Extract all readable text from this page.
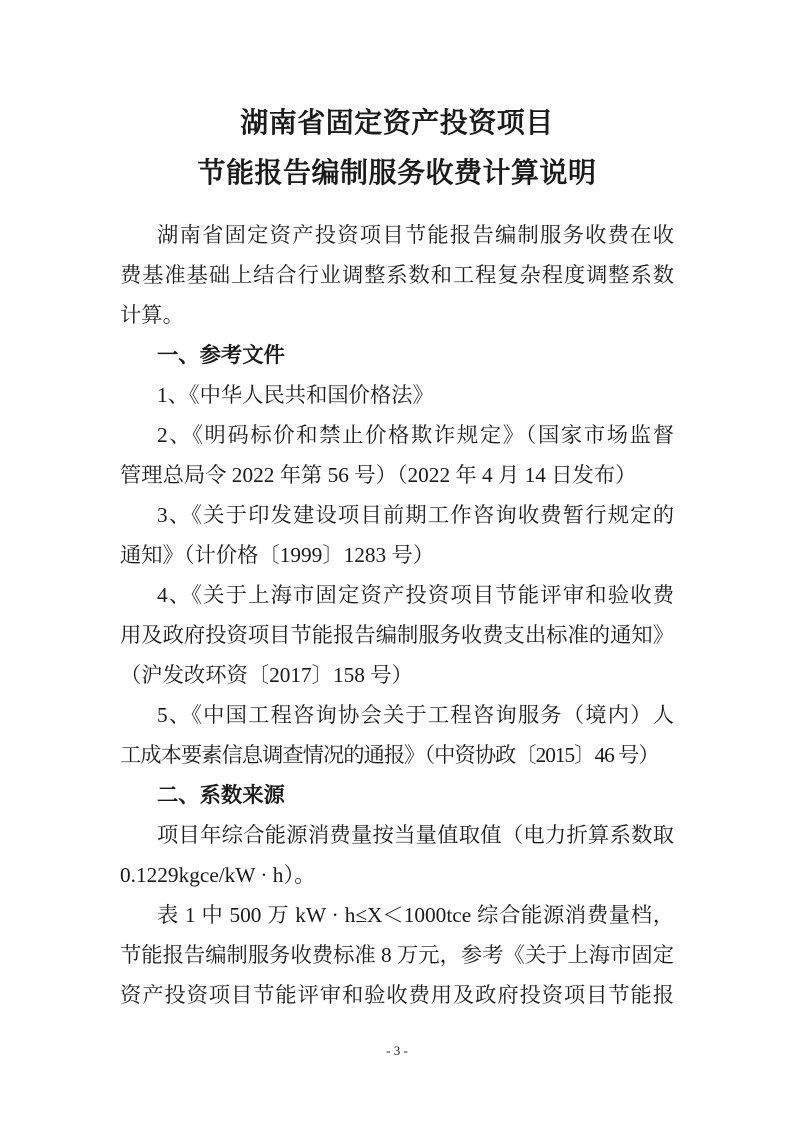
湖南省固定资产投资项目
节能报告编制服务收费计算说明
湖南省固定资产投资项目节能报告编制服务收费在收
费基准基础上结合行业调整系数和工程复杂程度调整系数
计算。
一、参考文件
1、《中华人民共和国价格法》
2、《明码标价和禁止价格欺诈规定》（国家市场监督
管理总局令 2022 年第 56 号）（2022 年 4 月 14 日发布）
3、《关于印发建设项目前期工作咨询收费暂行规定的
通知》（计价格〔1999〕1283 号）
4、《关于上海市固定资产投资项目节能评审和验收费
用及政府投资项目节能报告编制服务收费支出标准的通知》
（沪发改环资〔2017〕158 号）
5、《中国工程咨询协会关于工程咨询服务（境内）人
工成本要素信息调查情况的通报》（中资协政〔2015〕46 号）
二、系数来源
项目年综合能源消费量按当量值取值（电力折算系数取
0.1229kgce/kW · h）。
表 1 中 500 万 kW · h≤X＜1000tce 综合能源消费量档，
节能报告编制服务收费标准 8 万元，参考《关于上海市固定
资产投资项目节能评审和验收费用及政府投资项目节能报
- 3 -
